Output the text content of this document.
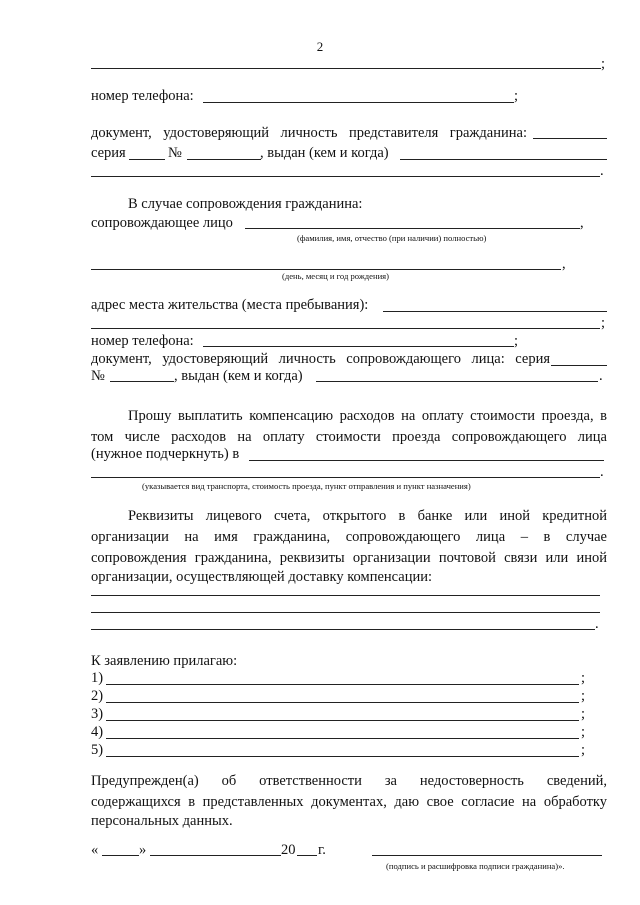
2
;
номер телефона:	;
документ, удостоверяющий личность представителя гражданина:
серия	№	, выдан (кем и когда)
.
В случае сопровождения гражданина:
сопровождающее лицо	,
(фамилия, имя, отчество (при наличии) полностью)
,
(день, месяц и год рождения)
адрес места жительства (места пребывания):
;
номер телефона:	;
документ, удостоверяющий личность сопровождающего лица: серия
№	, выдан (кем и когда)	.
Прошу выплатить компенсацию расходов на оплату стоимости проезда, в
том числе расходов на оплату стоимости проезда сопровождающего лица
(нужное подчеркнуть) в
.
(указывается вид транспорта, стоимость проезда, пункт отправления и пункт назначения)
Реквизиты лицевого счета, открытого в банке или иной кредитной
организации на имя гражданина, сопровождающего лица – в случае
сопровождения гражданина, реквизиты организации почтовой связи или иной
организации, осуществляющей доставку компенсации:
.
К заявлению прилагаю:
1)	;
2)	;
3)	;
4)	;
5)	;
Предупрежден(а) об ответственности за недостоверность сведений,
содержащихся в представленных документах, даю свое согласие на обработку
персональных данных.
«	»	20 г.
(подпись и расшифровка подписи гражданина)».
